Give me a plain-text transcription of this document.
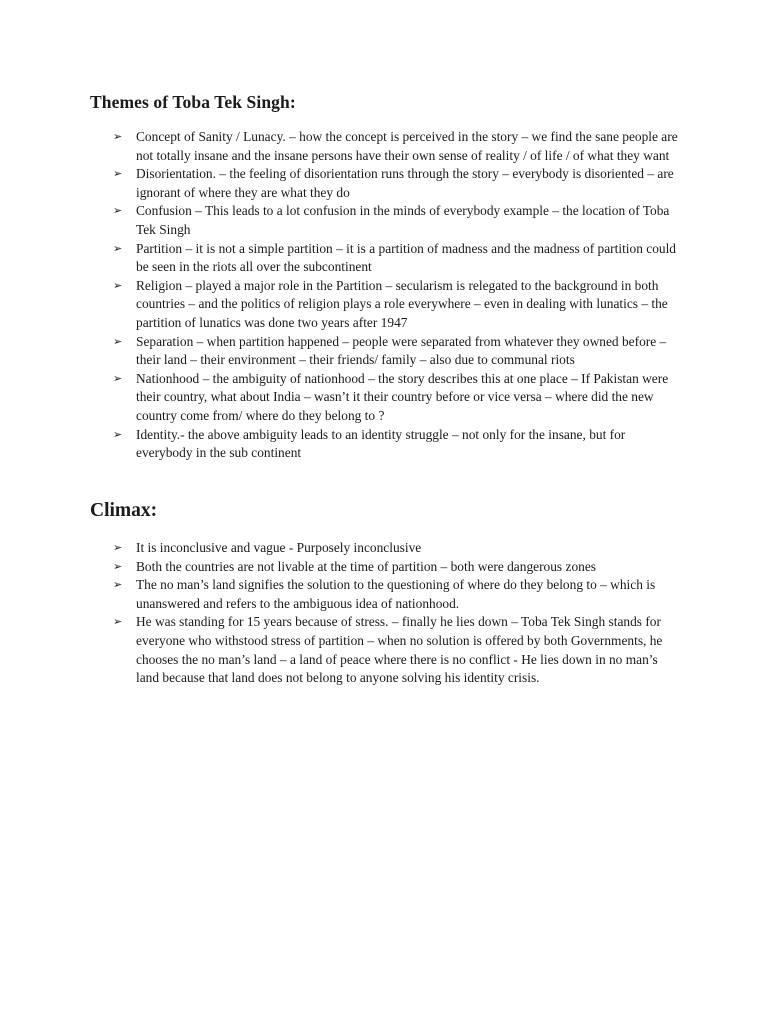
Themes of Toba Tek Singh:
➢ Concept of Sanity / Lunacy. – how the concept is perceived in the story – we find the sane people are not totally insane and the insane persons have their own sense of reality / of life / of what they want
➢ Disorientation. – the feeling of disorientation runs through the story – everybody is disoriented – are ignorant of where they are what they do
➢ Confusion – This leads to a lot confusion in the minds of everybody example – the location of Toba Tek Singh
➢ Partition – it is not a simple partition – it is a partition of madness and the madness of partition could be seen in the riots all over the subcontinent
➢ Religion – played a major role in the Partition – secularism is relegated to the background in both countries – and the politics of religion plays a role everywhere – even in dealing with lunatics – the partition of lunatics was done two years after 1947
➢ Separation – when partition happened – people were separated from whatever they owned before – their land – their environment – their friends/ family – also due to communal riots
➢ Nationhood – the ambiguity of nationhood – the story describes this at one place – If Pakistan were their country, what about India – wasn’t it their country before or vice versa – where did the new country come from/ where do they belong to ?
➢ Identity.- the above ambiguity leads to an identity struggle – not only for the insane, but for everybody in the sub continent
Climax:
➢ It is inconclusive and vague - Purposely inconclusive
➢ Both the countries are not livable at the time of partition – both were dangerous zones
➢ The no man’s land signifies the solution to the questioning of where do they belong to – which is unanswered and refers to the ambiguous idea of nationhood.
➢ He was standing for 15 years because of stress. – finally he lies down – Toba Tek Singh stands for everyone who withstood stress of partition – when no solution is offered by both Governments, he chooses the no man’s land – a land of peace where there is no conflict - He lies down in no man’s land because that land does not belong to anyone solving his identity crisis.
